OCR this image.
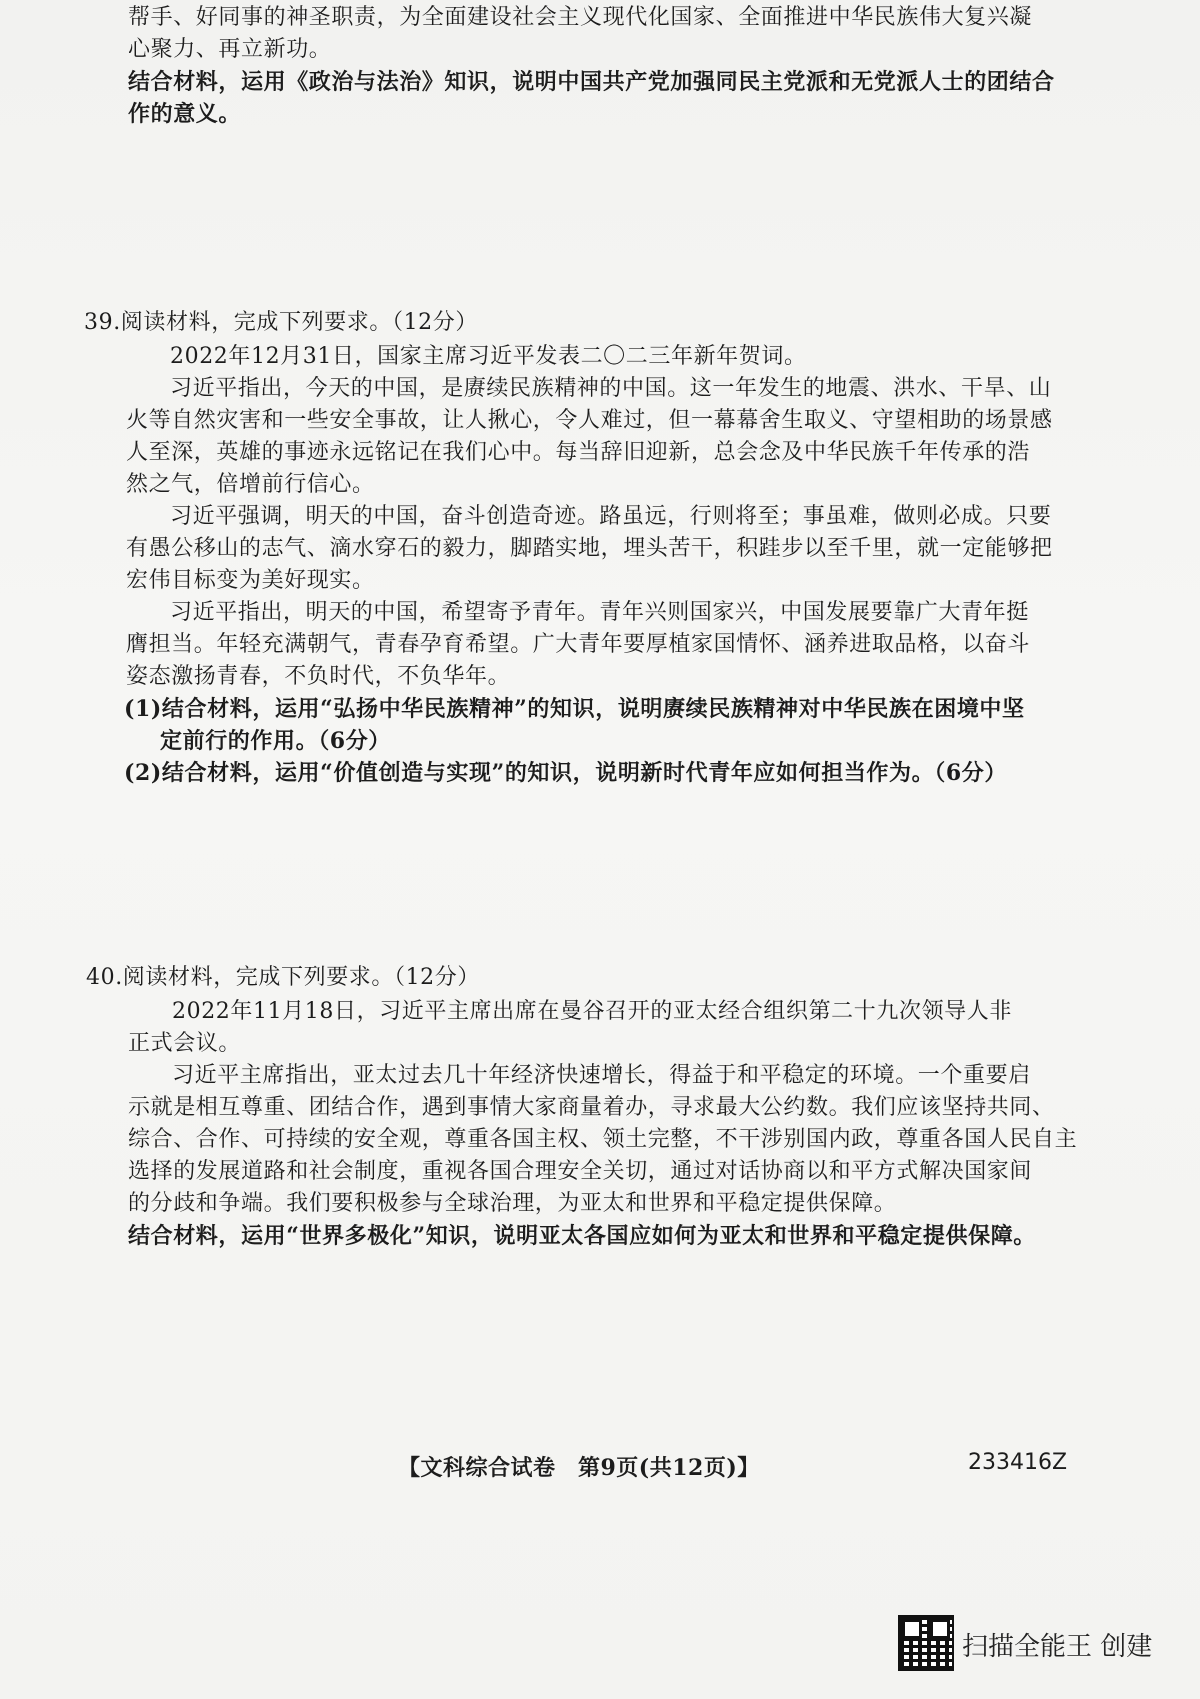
帮手、好同事的神圣职责，为全面建设社会主义现代化国家、全面推进中华民族伟大复兴凝
心聚力、再立新功。
结合材料，运用《政治与法治》知识，说明中国共产党加强同民主党派和无党派人士的团结合
作的意义。
39.阅读材料，完成下列要求。（12分）
2022年12月31日，国家主席习近平发表二〇二三年新年贺词。
习近平指出，今天的中国，是赓续民族精神的中国。这一年发生的地震、洪水、干旱、山
火等自然灾害和一些安全事故，让人揪心，令人难过，但一幕幕舍生取义、守望相助的场景感
人至深，英雄的事迹永远铭记在我们心中。每当辞旧迎新，总会念及中华民族千年传承的浩
然之气，倍增前行信心。
习近平强调，明天的中国，奋斗创造奇迹。路虽远，行则将至；事虽难，做则必成。只要
有愚公移山的志气、滴水穿石的毅力，脚踏实地，埋头苦干，积跬步以至千里，就一定能够把
宏伟目标变为美好现实。
习近平指出，明天的中国，希望寄予青年。青年兴则国家兴，中国发展要靠广大青年挺
膺担当。年轻充满朝气，青春孕育希望。广大青年要厚植家国情怀、涵养进取品格，以奋斗
姿态激扬青春，不负时代，不负华年。
(1)结合材料，运用“弘扬中华民族精神”的知识，说明赓续民族精神对中华民族在困境中坚
定前行的作用。（6分）
(2)结合材料，运用“价值创造与实现”的知识，说明新时代青年应如何担当作为。（6分）
40.阅读材料，完成下列要求。（12分）
2022年11月18日，习近平主席出席在曼谷召开的亚太经合组织第二十九次领导人非
正式会议。
习近平主席指出，亚太过去几十年经济快速增长，得益于和平稳定的环境。一个重要启
示就是相互尊重、团结合作，遇到事情大家商量着办，寻求最大公约数。我们应该坚持共同、
综合、合作、可持续的安全观，尊重各国主权、领土完整，不干涉别国内政，尊重各国人民自主
选择的发展道路和社会制度，重视各国合理安全关切，通过对话协商以和平方式解决国家间
的分歧和争端。我们要积极参与全球治理，为亚太和世界和平稳定提供保障。
结合材料，运用“世界多极化”知识，说明亚太各国应如何为亚太和世界和平稳定提供保障。
【文科综合试卷　第9页(共12页)】	233416Z
扫描全能王 创建
